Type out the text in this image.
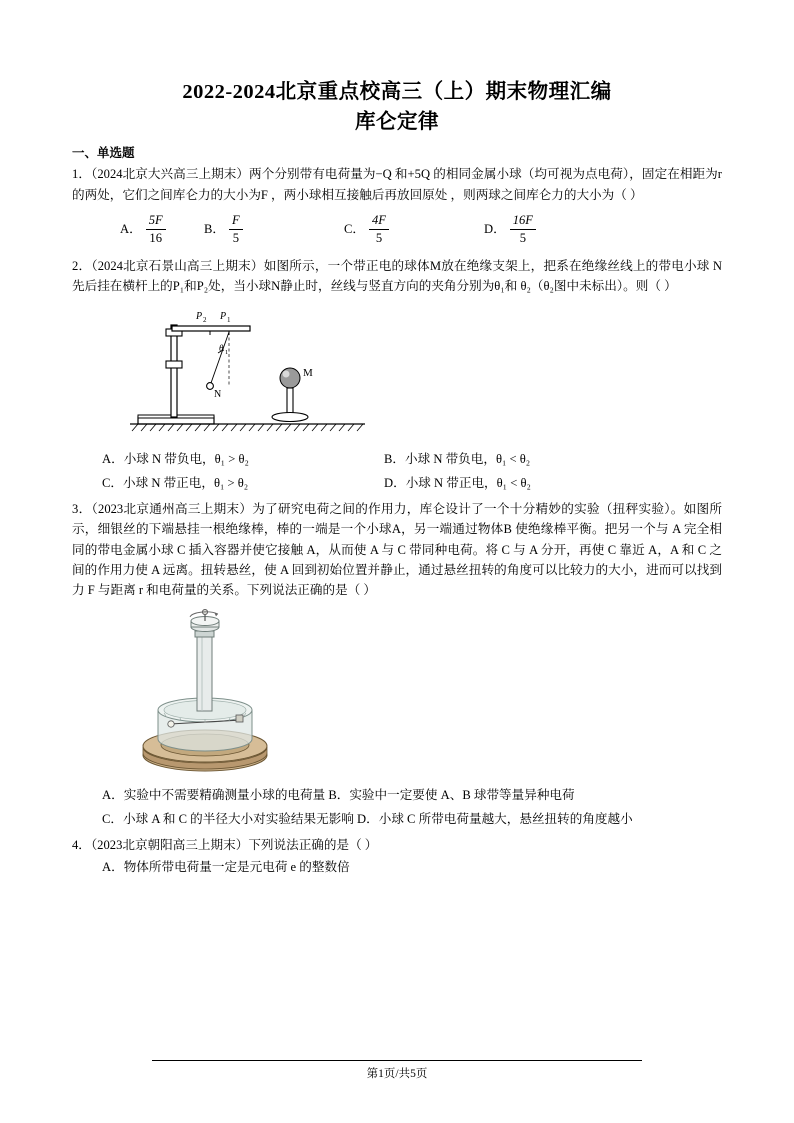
2022-2024北京重点校高三（上）期末物理汇编
库仑定律
一、单选题
1．（2024北京大兴高三上期末）两个分别带有电荷量为−Q 和+5Q 的相同金属小球（均可视为点电荷），固定在相距为r 的两处，它们之间库仑力的大小为F ，两小球相互接触后再放回原处 ，则两球之间库仑力的大小为（ ）
A． $\frac{5F}{16}$	B． $\frac{F}{5}$	C． $\frac{4F}{5}$	D． $\frac{16F}{5}$
2．（2024北京石景山高三上期末）如图所示，一个带正电的球体M放在绝缘支架上，把系在绝缘丝线上的带电小球 N先后挂在横杆上的P₁和P₂处，当小球N静止时，丝线与竖直方向的夹角分别为θ₁和 θ₂（θ₂图中未标出）。则（ ）
P 2 P 1
θ 1
N
M
A．小球 N 带负电，θ₁ > θ₂	B．小球 N 带负电，θ₁ < θ₂
C．小球 N 带正电，θ₁ > θ₂	D．小球 N 带正电，θ₁ < θ₂
3．（2023北京通州高三上期末）为了研究电荷之间的作用力，库仑设计了一个十分精妙的实验（扭秤实验）。如图所示，细银丝的下端悬挂一根绝缘棒，棒的一端是一个小球A，另一端通过物体B 使绝缘棒平衡。把另一个与 A 完全相同的带电金属小球 C 插入容器并使它接触 A，从而使 A 与 C 带同种电荷。将 C 与 A 分开，再使 C 靠近 A，A 和 C 之间的作用力使 A 远离。扭转悬丝，使 A 回到初始位置并静止，通过悬丝扭转的角度可以比较力的大小，进而可以找到力 F 与距离 r 和电荷量的关系。下列说法正确的是（ ）
A．实验中不需要精确测量小球的电荷量 B．实验中一定要使 A、B 球带等量异种电荷
C．小球 A 和 C 的半径大小对实验结果无影响 D．小球 C 所带电荷量越大，悬丝扭转的角度越小
4．（2023北京朝阳高三上期末）下列说法正确的是（ ）
A．物体所带电荷量一定是元电荷 e 的整数倍
第1页/共5页
